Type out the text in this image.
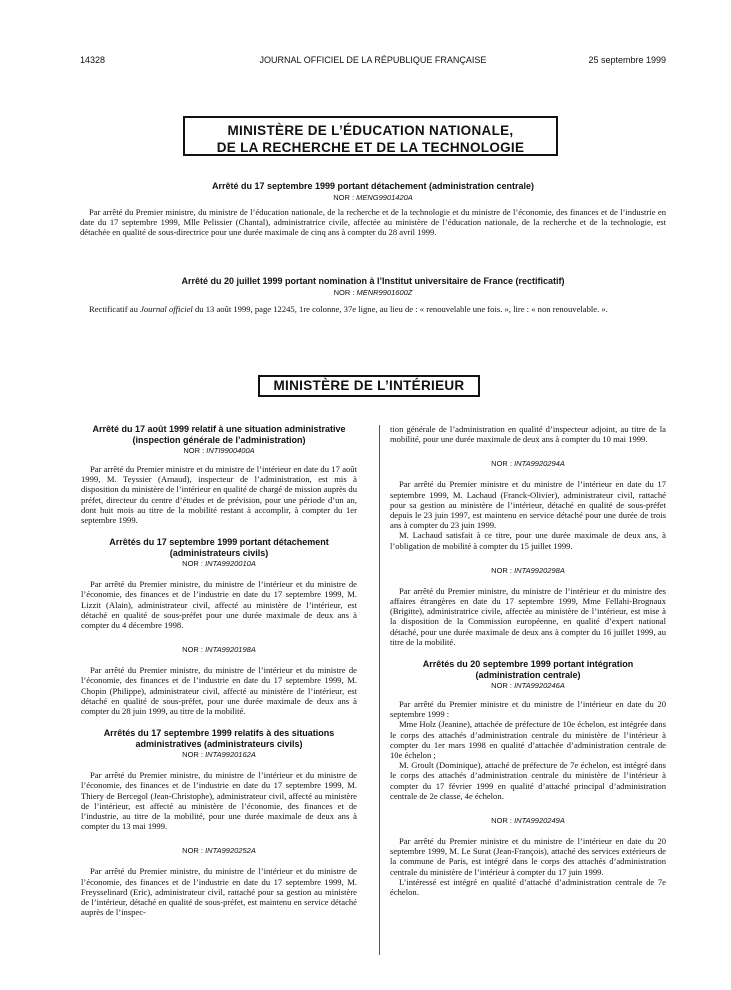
14328	JOURNAL OFFICIEL DE LA RÉPUBLIQUE FRANÇAISE	25 septembre 1999
MINISTÈRE DE L’ÉDUCATION NATIONALE,
DE LA RECHERCHE ET DE LA TECHNOLOGIE
Arrêté du 17 septembre 1999 portant détachement (administration centrale)
NOR : MENG9901420A

Par arrêté du Premier ministre, du ministre de l’éducation nationale, de la recherche et de la technologie et du ministre de l’économie, des finances et de l’industrie en date du 17 septembre 1999, Mlle Pelissier (Chantal), administratrice civile, affectée au ministère de l’éducation nationale, de la recherche et de la technologie, est détachée en qualité de sous-directrice pour une durée maximale de cinq ans à compter du 28 avril 1999.

Arrêté du 20 juillet 1999 portant nomination à l’Institut universitaire de France (rectificatif)
NOR : MENR9901600Z

Rectificatif au Journal officiel du 13 août 1999, page 12245, 1re colonne, 37e ligne, au lieu de : « renouvelable une fois. », lire : « non renouvelable. ».

MINISTÈRE DE L’INTÉRIEUR
Arrêté du 17 août 1999 relatif à une situation administrative (inspection générale de l’administration)
NOR : INTI9900400A

Par arrêté du Premier ministre et du ministre de l’intérieur en date du 17 août 1999, M. Teyssier (Arnaud), inspecteur de l’administration, est mis à disposition du ministère de l’intérieur en qualité de chargé de mission auprès du préfet, directeur du centre d’études et de prévision, pour une période d’un an, dont huit mois au titre de la mobilité restant à accomplir, à compter du 1er septembre 1999.

Arrêtés du 17 septembre 1999 portant détachement (administrateurs civils)
NOR : INTA9920010A

Par arrêté du Premier ministre, du ministre de l’intérieur et du ministre de l’économie, des finances et de l’industrie en date du 17 septembre 1999, M. Lizzit (Alain), administrateur civil, affecté au ministère de l’intérieur, est détaché en qualité de sous-préfet pour une durée maximale de deux ans à compter du 4 décembre 1998.

NOR : INTA9920198A

Par arrêté du Premier ministre, du ministre de l’intérieur et du ministre de l’économie, des finances et de l’industrie en date du 17 septembre 1999, M. Chopin (Philippe), administrateur civil, affecté au ministère de l’intérieur, est détaché en qualité de sous-préfet, pour une durée maximale de deux ans à compter du 28 juin 1999, au titre de la mobilité.

Arrêtés du 17 septembre 1999 relatifs à des situations administratives (administrateurs civils)
NOR : INTA9920162A

Par arrêté du Premier ministre, du ministre de l’intérieur et du ministre de l’économie, des finances et de l’industrie en date du 17 septembre 1999, M. Thiery de Bercegol (Jean-Christophe), administrateur civil, affecté au ministère de l’intérieur, est affecté au ministère de l’économie, des finances et de l’industrie, au titre de la mobilité, pour une durée maximale de deux ans à compter du 13 mai 1999.

NOR : INTA9920252A

Par arrêté du Premier ministre, du ministre de l’intérieur et du ministre de l’économie, des finances et de l’industrie en date du 17 septembre 1999, M. Freysselinard (Eric), administrateur civil, rattaché pour sa gestion au ministère de l’intérieur, détaché en qualité de sous-préfet, est maintenu en service détaché auprès de l’inspec-

tion générale de l’administration en qualité d’inspecteur adjoint, au titre de la mobilité, pour une durée maximale de deux ans à compter du 10 mai 1999.

NOR : INTA9920294A

Par arrêté du Premier ministre et du ministre de l’intérieur en date du 17 septembre 1999, M. Lachaud (Franck-Olivier), administrateur civil, rattaché pour sa gestion au ministère de l’intérieur, détaché en qualité de sous-préfet depuis le 23 juin 1997, est maintenu en service détaché pour une durée de trois ans à compter du 23 juin 1999.

M. Lachaud satisfait à ce titre, pour une durée maximale de deux ans, à l’obligation de mobilité à compter du 15 juillet 1999.

NOR : INTA9920298A

Par arrêté du Premier ministre, du ministre de l’intérieur et du ministre des affaires étrangères en date du 17 septembre 1999, Mme Fellahi-Brognaux (Brigitte), administratrice civile, affectée au ministère de l’intérieur, est mise à la disposition de la Commission européenne, en qualité d’expert national détaché, pour une durée maximale de deux ans à compter du 16 juillet 1999, au titre de la mobilité.

Arrêtés du 20 septembre 1999 portant intégration (administration centrale)
NOR : INTA9920246A

Par arrêté du Premier ministre et du ministre de l’intérieur en date du 20 septembre 1999 :

Mme Holz (Jeanine), attachée de préfecture de 10e échelon, est intégrée dans le corps des attachés d’administration centrale du ministère de l’intérieur à compter du 1er mars 1998 en qualité d’attachée d’administration centrale de 10e échelon ;

M. Groult (Dominique), attaché de préfecture de 7e échelon, est intégré dans le corps des attachés d’administration centrale du ministère de l’intérieur à compter du 17 février 1999 en qualité d’attaché principal d’administration centrale de 2e classe, 4e échelon.

NOR : INTA9920249A

Par arrêté du Premier ministre et du ministre de l’intérieur en date du 20 septembre 1999, M. Le Surat (Jean-François), attaché des services extérieurs de la commune de Paris, est intégré dans le corps des attachés d’administration centrale du ministère de l’intérieur à compter du 17 juin 1999.

L’intéressé est intégré en qualité d’attaché d’administration centrale de 7e échelon.
